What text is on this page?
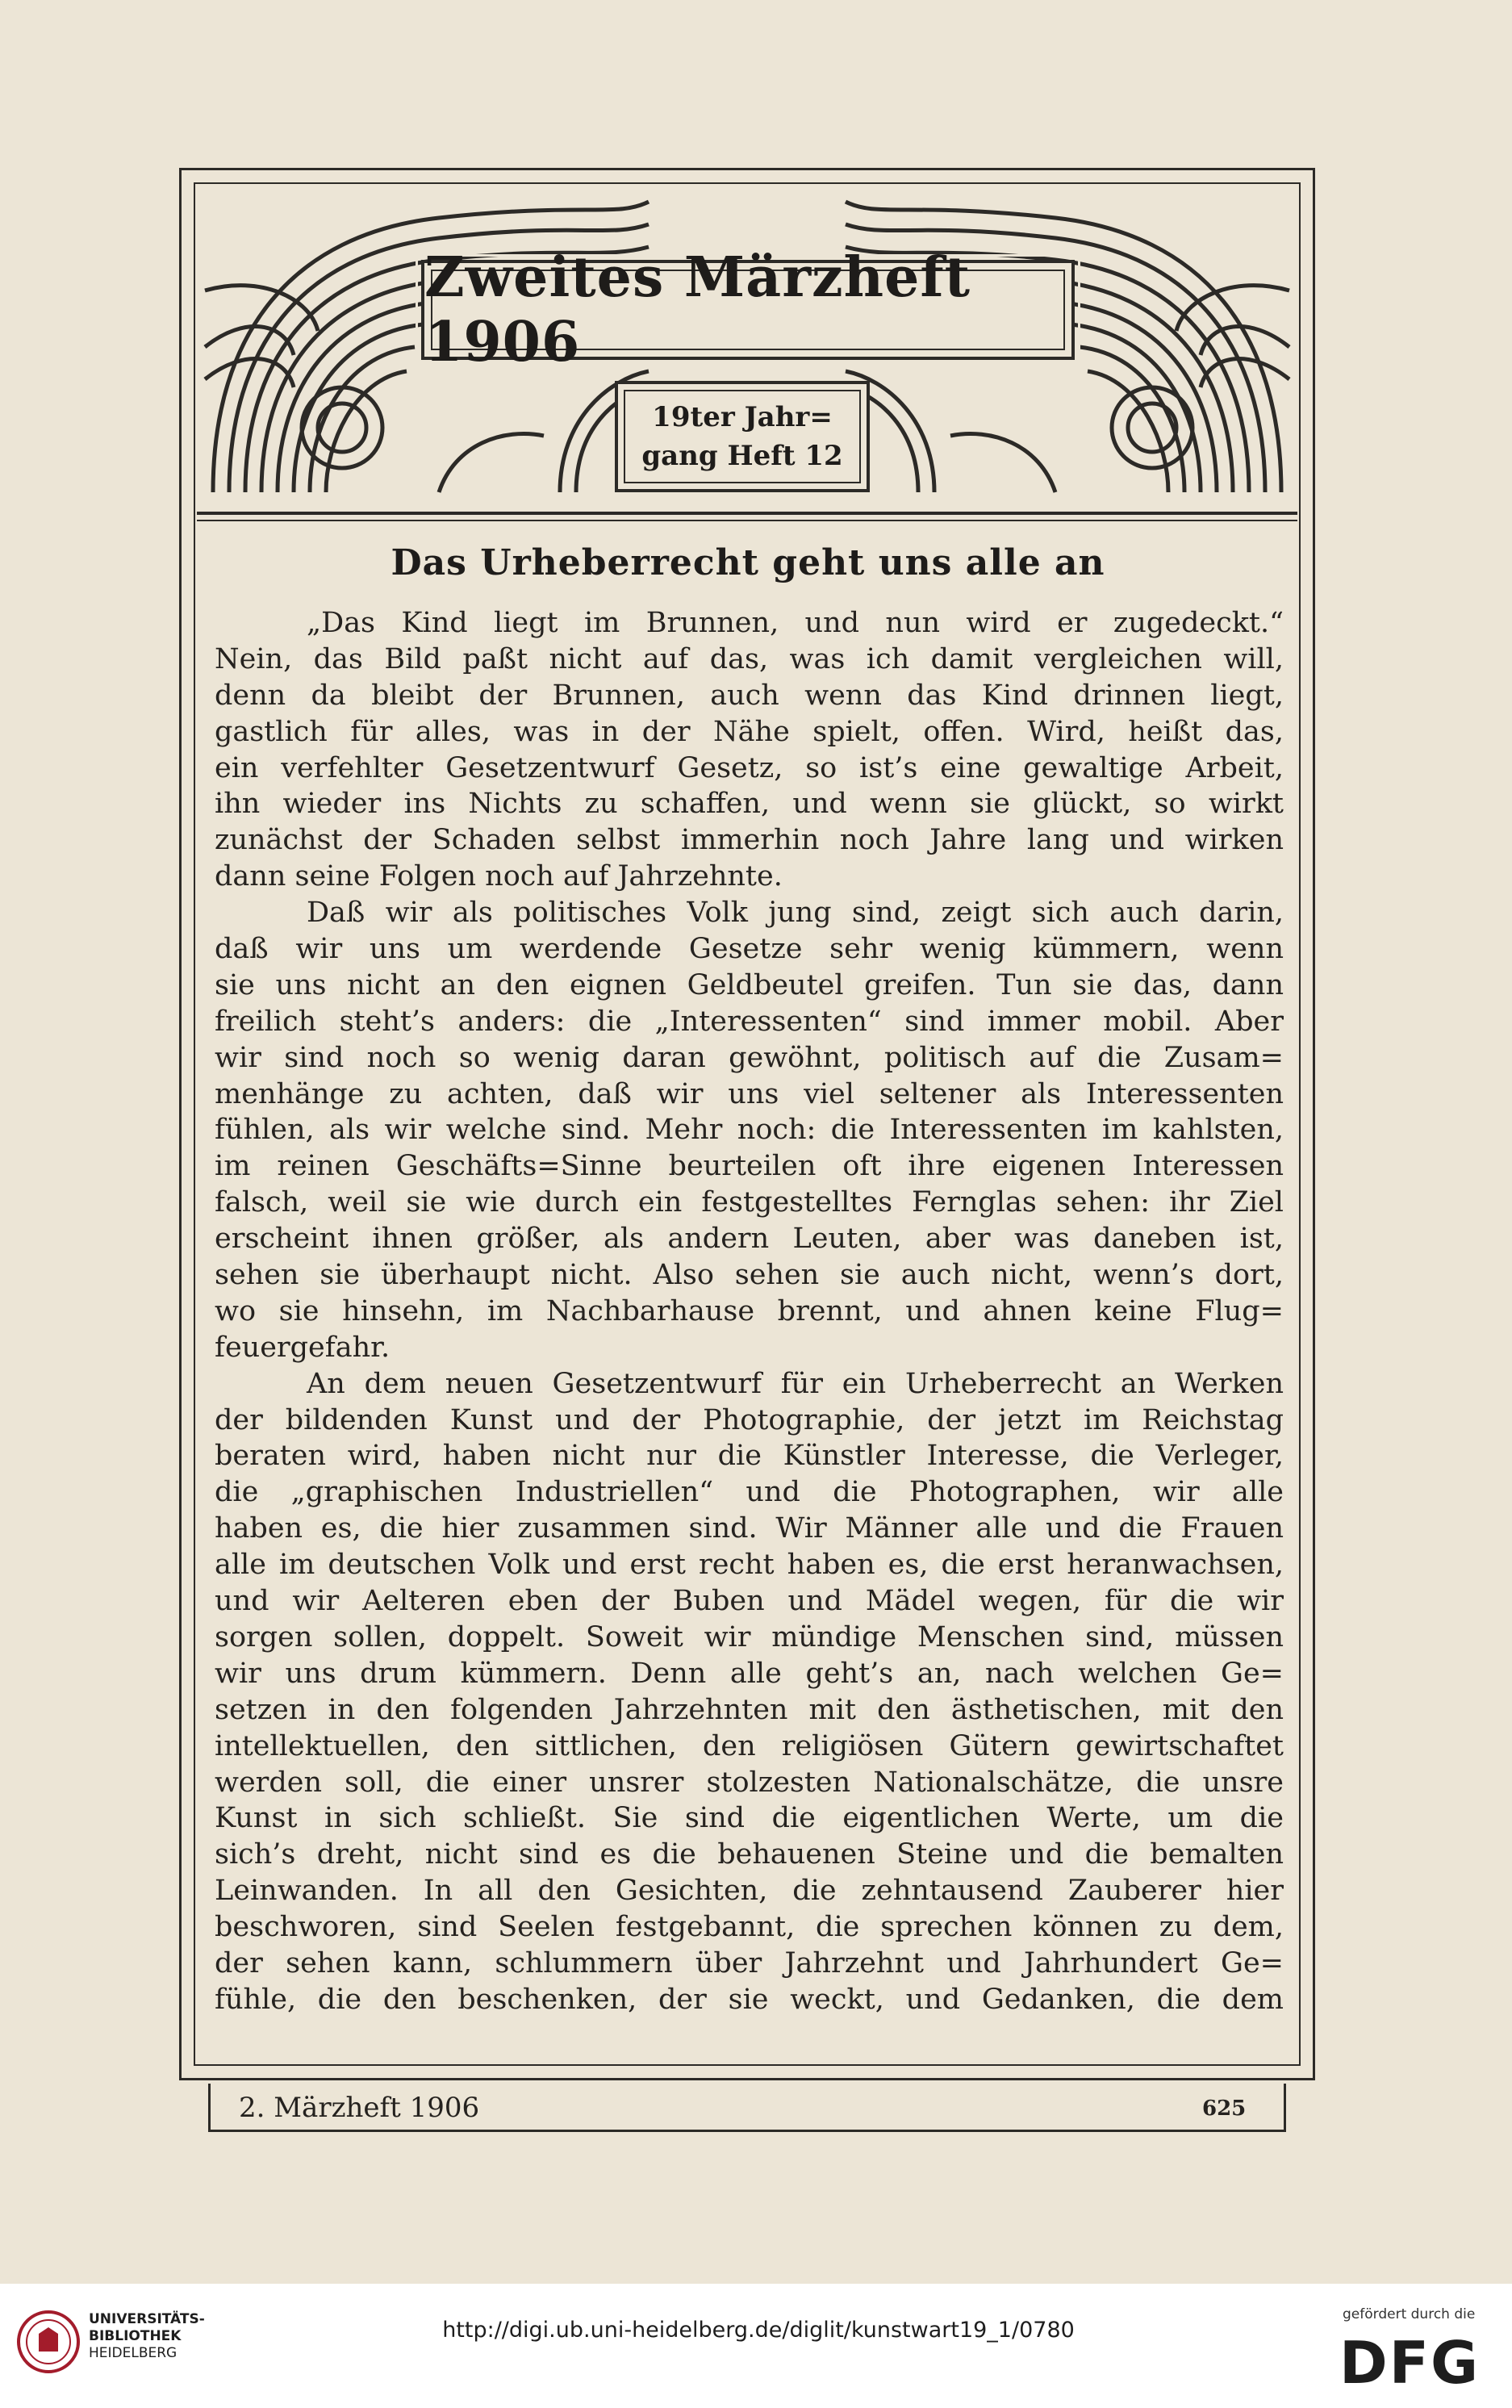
Zweites Märzheft 1906
19ter Jahr=
gang Heft 12
Das Urheberrecht geht uns alle an
„Das Kind liegt im Brunnen, und nun wird er zugedeckt.“
Nein, das Bild paßt nicht auf das, was ich damit vergleichen will,
denn da bleibt der Brunnen, auch wenn das Kind drinnen liegt,
gastlich für alles, was in der Nähe spielt, offen. Wird, heißt das,
ein verfehlter Gesetzentwurf Gesetz, so ist’s eine gewaltige Arbeit,
ihn wieder ins Nichts zu schaffen, und wenn sie glückt, so wirkt
zunächst der Schaden selbst immerhin noch Jahre lang und wirken
dann seine Folgen noch auf Jahrzehnte.
Daß wir als politisches Volk jung sind, zeigt sich auch darin,
daß wir uns um werdende Gesetze sehr wenig kümmern, wenn
sie uns nicht an den eignen Geldbeutel greifen. Tun sie das, dann
freilich steht’s anders: die „Interessenten“ sind immer mobil. Aber
wir sind noch so wenig daran gewöhnt, politisch auf die Zusam=
menhänge zu achten, daß wir uns viel seltener als Interessenten
fühlen, als wir welche sind. Mehr noch: die Interessenten im kahlsten,
im reinen Geschäfts=Sinne beurteilen oft ihre eigenen Interessen
falsch, weil sie wie durch ein festgestelltes Fernglas sehen: ihr Ziel
erscheint ihnen größer, als andern Leuten, aber was daneben ist,
sehen sie überhaupt nicht. Also sehen sie auch nicht, wenn’s dort,
wo sie hinsehn, im Nachbarhause brennt, und ahnen keine Flug=
feuergefahr.
An dem neuen Gesetzentwurf für ein Urheberrecht an Werken
der bildenden Kunst und der Photographie, der jetzt im Reichstag
beraten wird, haben nicht nur die Künstler Interesse, die Verleger,
die „graphischen Industriellen“ und die Photographen, wir alle
haben es, die hier zusammen sind. Wir Männer alle und die Frauen
alle im deutschen Volk und erst recht haben es, die erst heranwachsen,
und wir Aelteren eben der Buben und Mädel wegen, für die wir
sorgen sollen, doppelt. Soweit wir mündige Menschen sind, müssen
wir uns drum kümmern. Denn alle geht’s an, nach welchen Ge=
setzen in den folgenden Jahrzehnten mit den ästhetischen, mit den
intellektuellen, den sittlichen, den religiösen Gütern gewirtschaftet
werden soll, die einer unsrer stolzesten Nationalschätze, die unsre
Kunst in sich schließt. Sie sind die eigentlichen Werte, um die
sich’s dreht, nicht sind es die behauenen Steine und die bemalten
Leinwanden. In all den Gesichten, die zehntausend Zauberer hier
beschworen, sind Seelen festgebannt, die sprechen können zu dem,
der sehen kann, schlummern über Jahrzehnt und Jahrhundert Ge=
fühle, die den beschenken, der sie weckt, und Gedanken, die dem
2. Märzheft 1906	625
UNIVERSITÄTS-
BIBLIOTHEK
HEIDELBERG
http://digi.ub.uni-heidelberg.de/diglit/kunstwart19_1/0780
gefördert durch die
DFG
